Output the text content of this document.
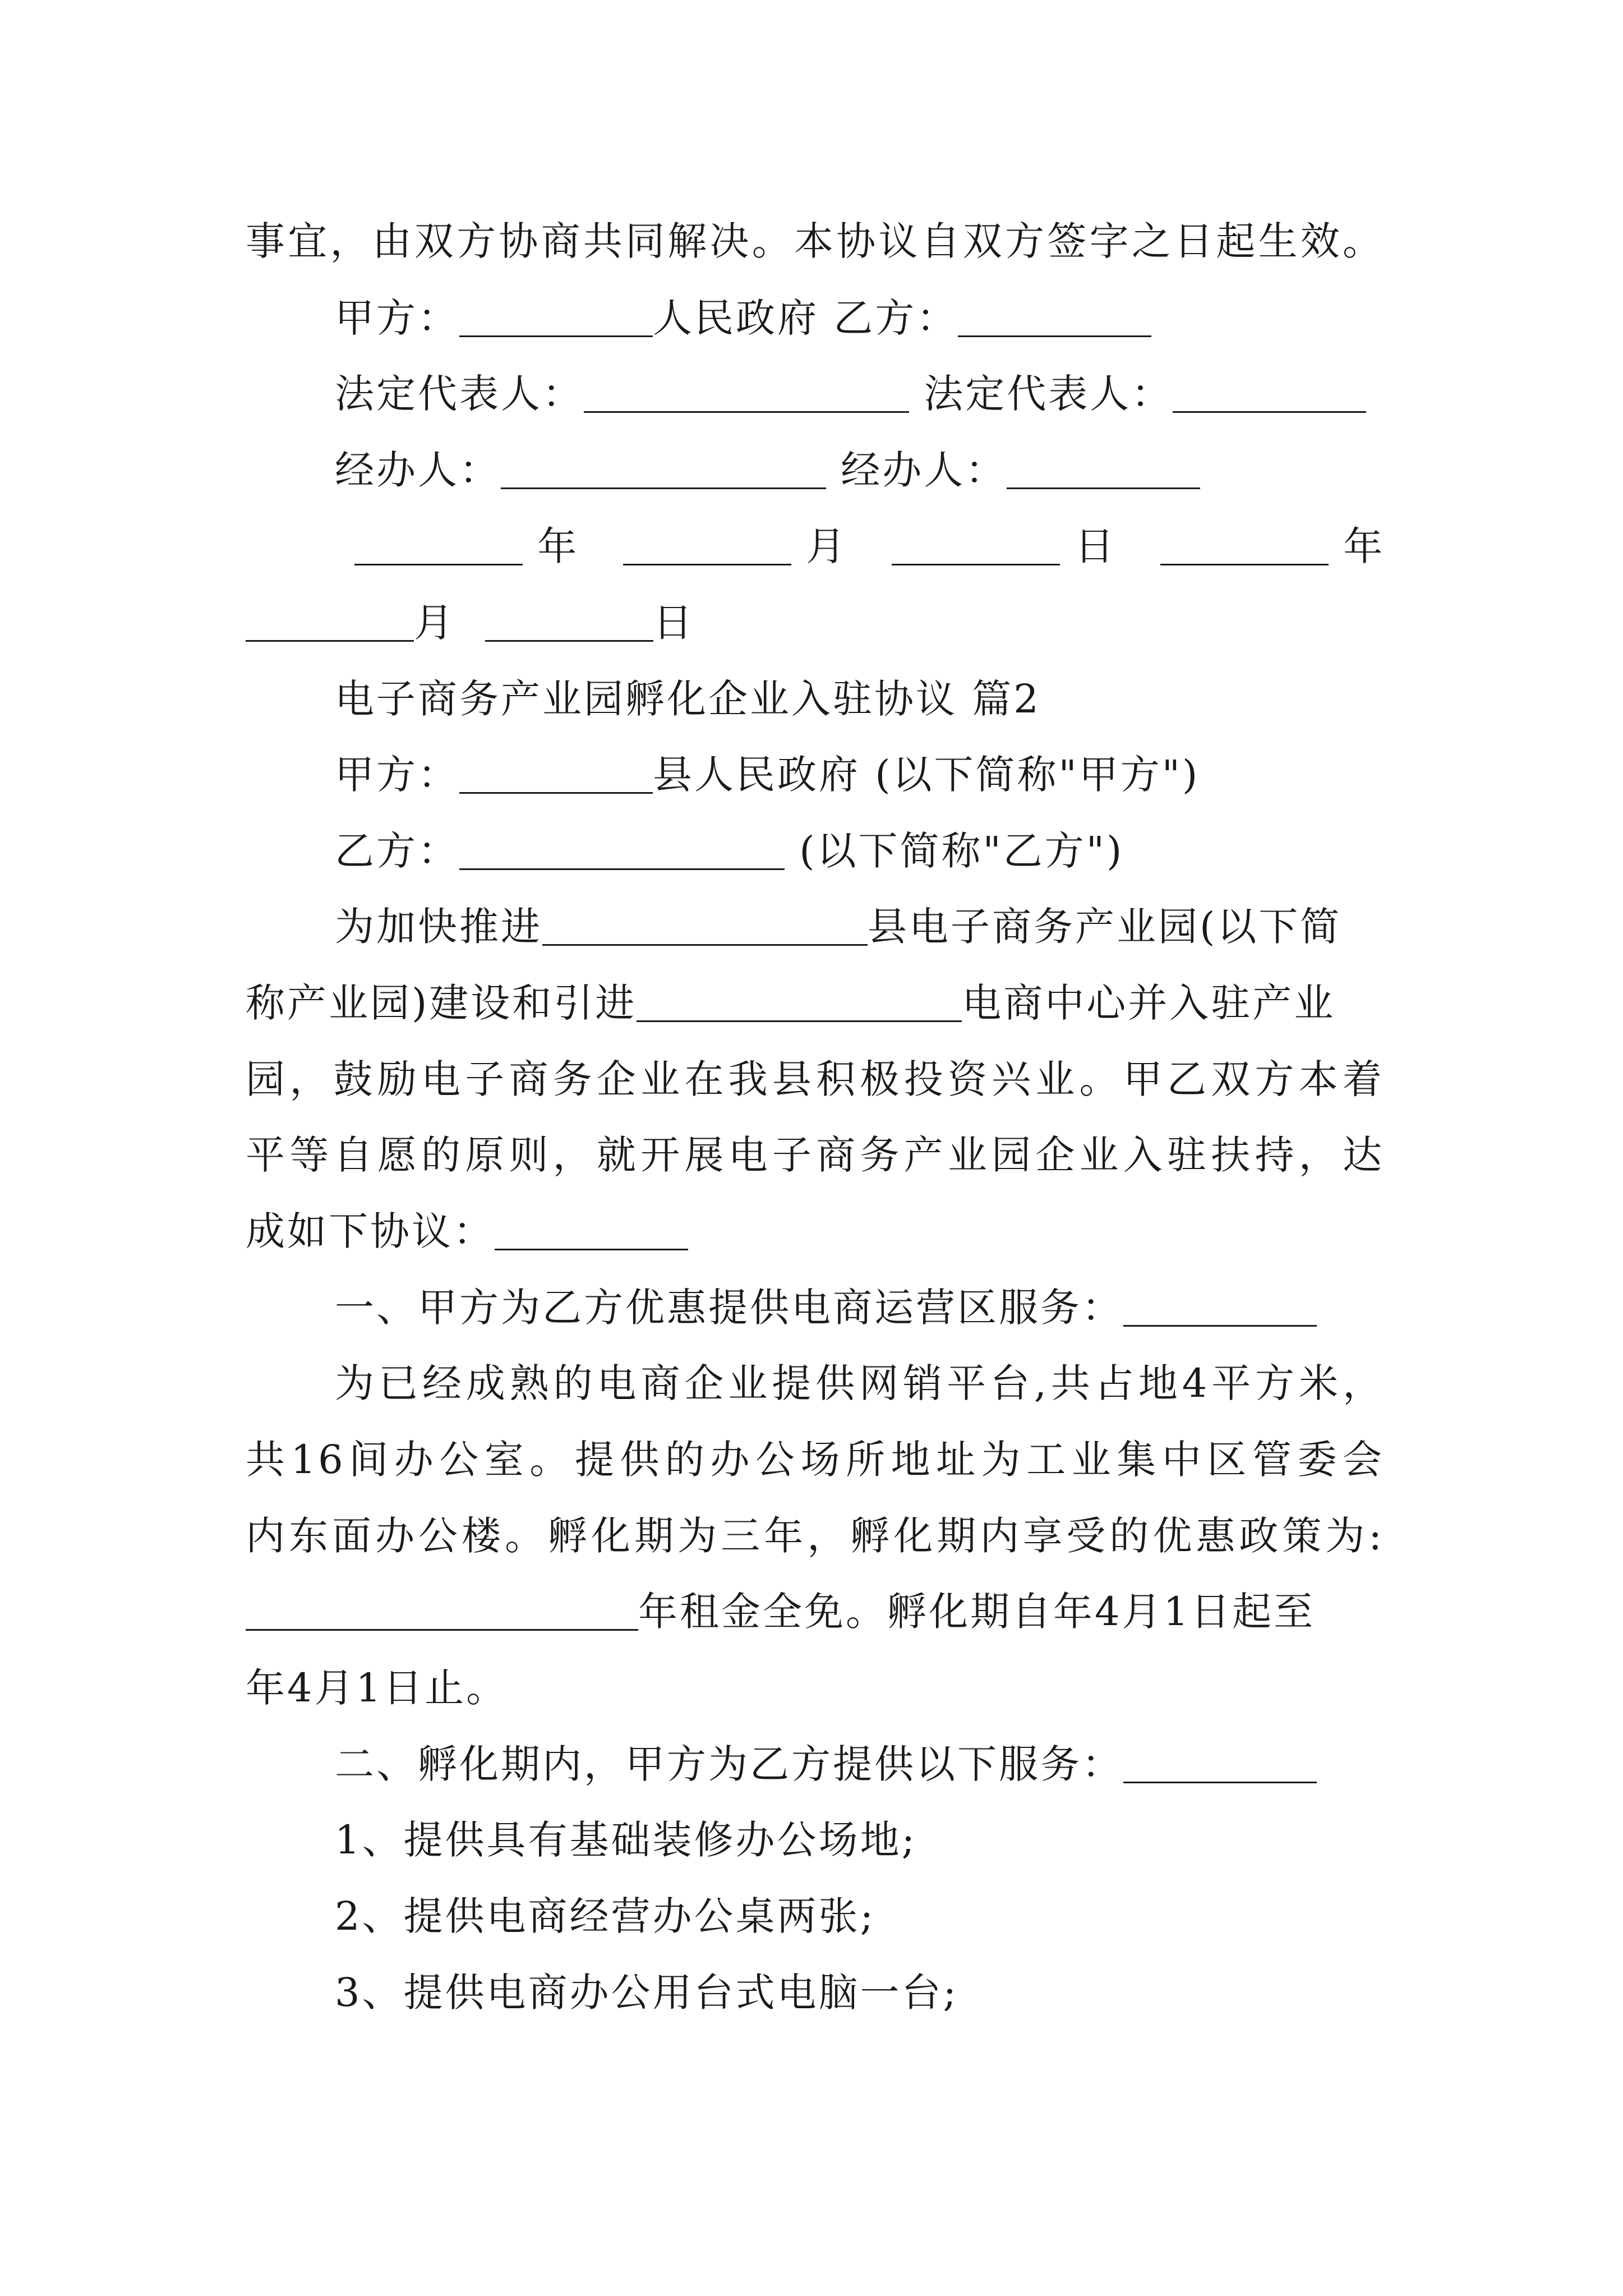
事宜，由双方协商共同解决。本协议自双方签字之日起生效。
甲方：	人民政府 乙方：
法定代表人：	法定代表人：
经办人：	经办人：
年	月	日	年
月	日
电子商务产业园孵化企业入驻协议 篇2
甲方：	县人民政府 (以下简称"甲方")
乙方：	(以下简称"乙方")
为加快推进	县电子商务产业园(以下简
称产业园)建设和引进	电商中心并入驻产业
园，鼓励电子商务企业在我县积极投资兴业。甲乙双方本着
平等自愿的原则，就开展电子商务产业园企业入驻扶持，达
成如下协议：
一、甲方为乙方优惠提供电商运营区服务：
为已经成熟的电商企业提供网销平台,共占地4平方米，
共16间办公室。提供的办公场所地址为工业集中区管委会
内东面办公楼。孵化期为三年，孵化期内享受的优惠政策为:
年租金全免。孵化期自年4月1日起至
年4月1日止。
二、孵化期内，甲方为乙方提供以下服务：
1、提供具有基础装修办公场地;
2、提供电商经营办公桌两张;
3、提供电商办公用台式电脑一台;
